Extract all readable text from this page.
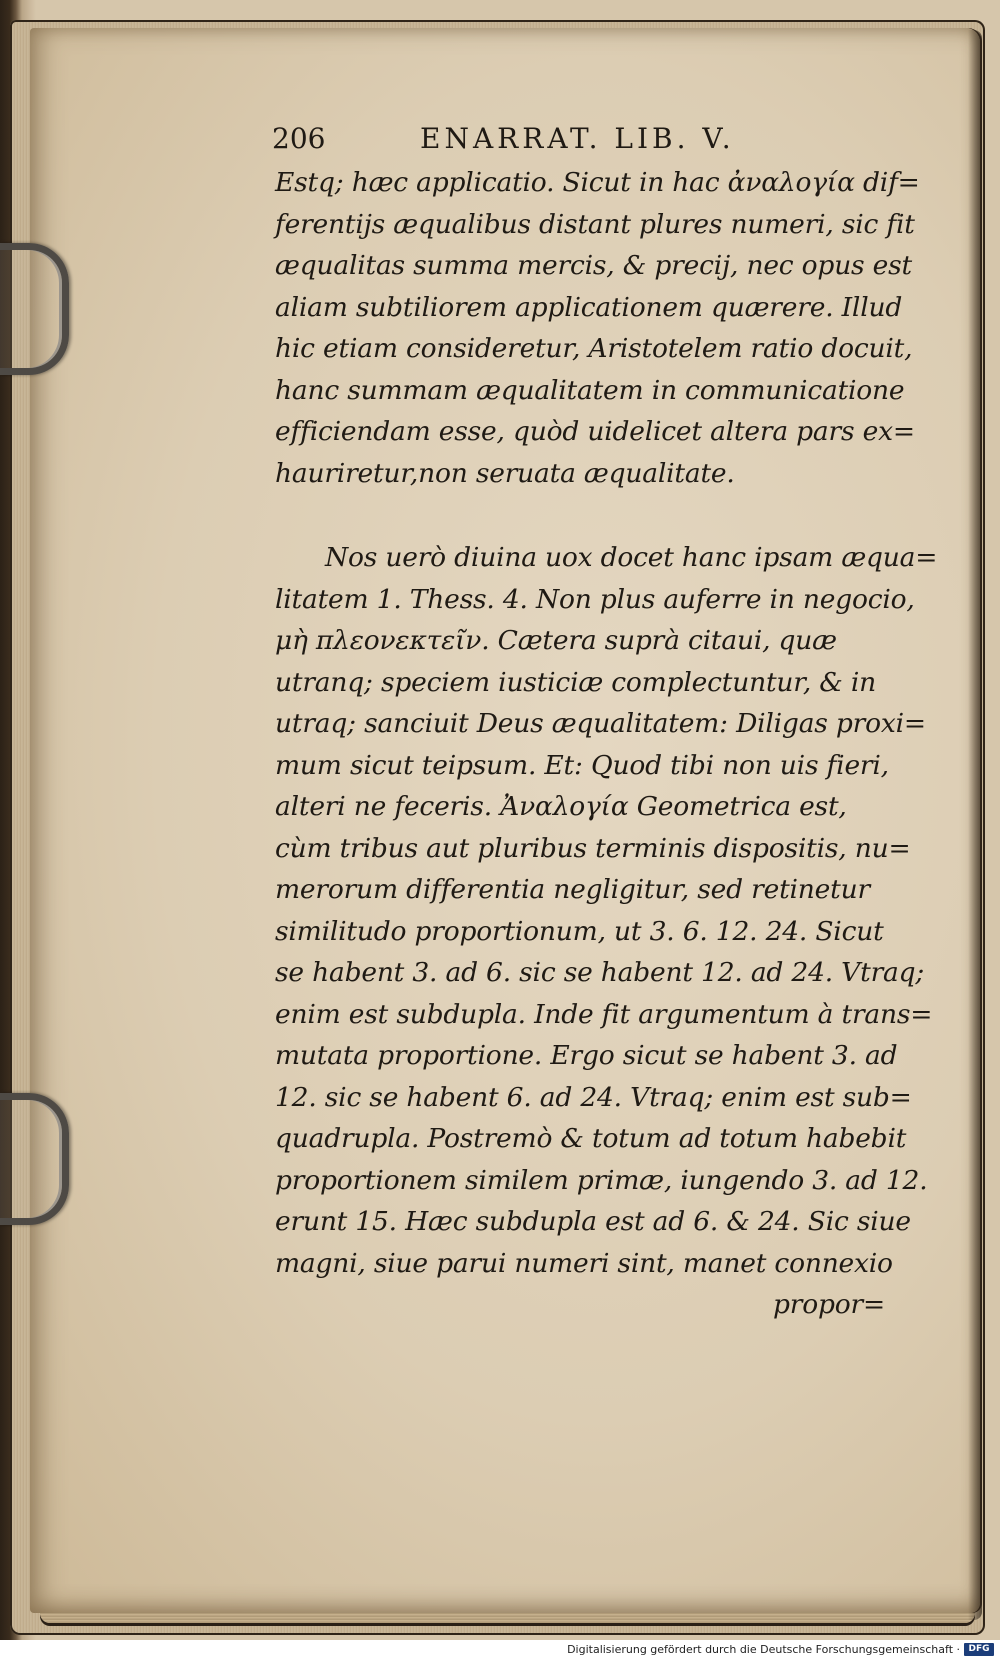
206	ENARRAT. LIB. V.
Estq; hæc applicatio. Sicut in hac ἀναλογία dif=
ferentijs æqualibus distant plures numeri, sic fit
æqualitas summa mercis, & precij, nec opus est
aliam subtiliorem applicationem quærere. Illud
hic etiam consideretur, Aristotelem ratio docuit,
hanc summam æqualitatem in communicatione
efficiendam esse, quòd uidelicet altera pars ex=
hauriretur,non seruata æqualitate.
Nos uerò diuina uox docet hanc ipsam æqua=
litatem 1. Thess. 4. Non plus auferre in negocio,
μὴ πλεονεκτεῖν. Cætera suprà citaui, quæ
utranq; speciem iusticiæ complectuntur, & in
utraq; sanciuit Deus æqualitatem: Diligas proxi=
mum sicut teipsum. Et: Quod tibi non uis fieri,
alteri ne feceris. Ἀναλογία Geometrica est,
cùm tribus aut pluribus terminis dispositis, nu=
merorum differentia negligitur, sed retinetur
similitudo proportionum, ut 3. 6. 12. 24. Sicut
se habent 3. ad 6. sic se habent 12. ad 24. Vtraq;
enim est subdupla. Inde fit argumentum à trans=
mutata proportione. Ergo sicut se habent 3. ad
12. sic se habent 6. ad 24. Vtraq; enim est sub=
quadrupla. Postremò & totum ad totum habebit
proportionem similem primæ, iungendo 3. ad 12.
erunt 15. Hæc subdupla est ad 6. & 24. Sic siue
magni, siue parui numeri sint, manet connexio
propor=
Digitalisierung gefördert durch die Deutsche Forschungsgemeinschaft · DFG
